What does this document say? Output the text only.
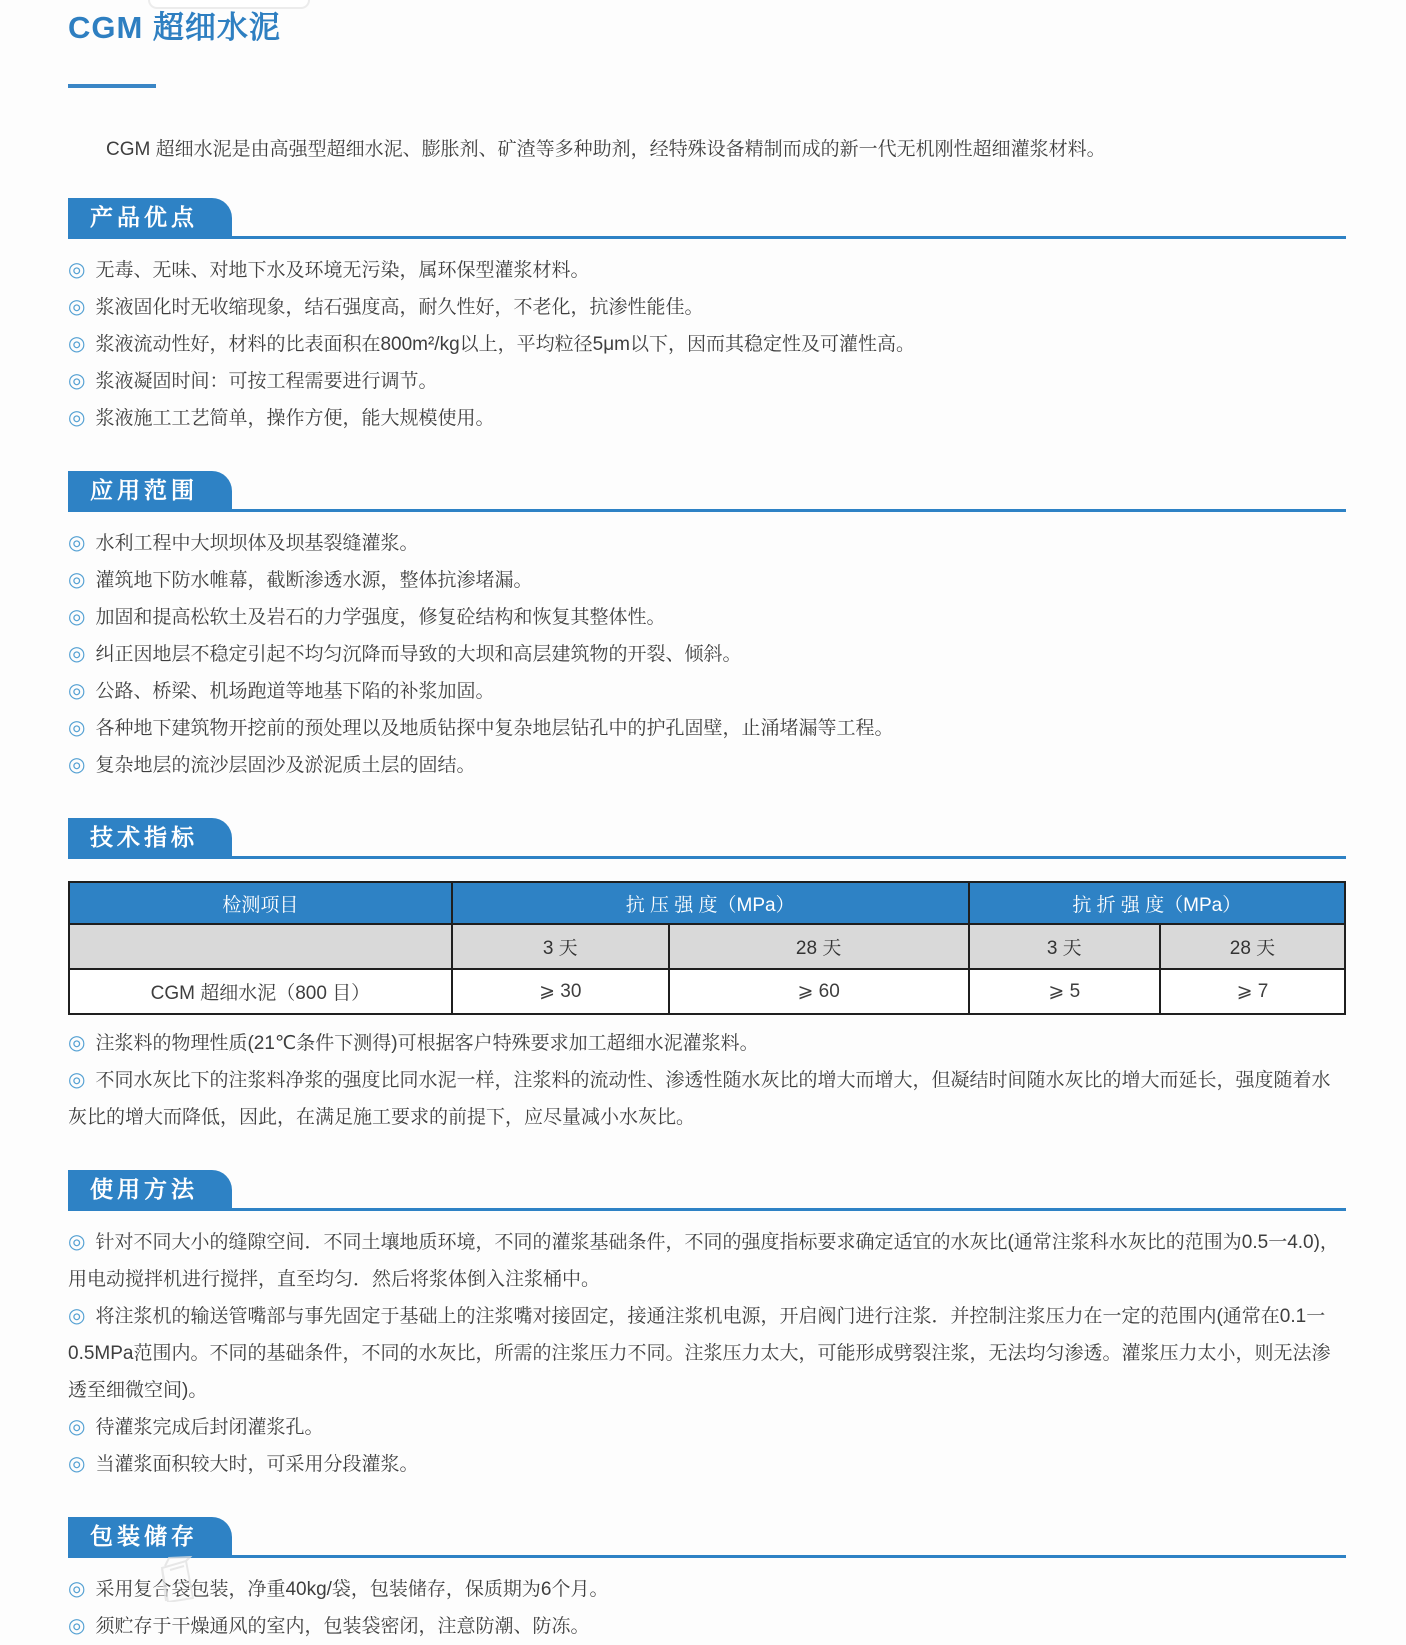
CGM 超细水泥

CGM 超细水泥是由高强型超细水泥、膨胀剂、矿渣等多种助剂，经特殊设备精制而成的新一代无机刚性超细灌浆材料。

产品优点

◎ 无毒、无味、对地下水及环境无污染，属环保型灌浆材料。

◎ 浆液固化时无收缩现象，结石强度高，耐久性好，不老化，抗渗性能佳。

◎ 浆液流动性好，材料的比表面积在800m²/kg以上，平均粒径5μm以下，因而其稳定性及可灌性高。

◎ 浆液凝固时间：可按工程需要进行调节。

◎ 浆液施工工艺简单，操作方便，能大规模使用。

应用范围

◎ 水利工程中大坝坝体及坝基裂缝灌浆。

◎ 灌筑地下防水帷幕，截断渗透水源，整体抗渗堵漏。

◎ 加固和提高松软土及岩石的力学强度，修复砼结构和恢复其整体性。

◎ 纠正因地层不稳定引起不均匀沉降而导致的大坝和高层建筑物的开裂、倾斜。

◎ 公路、桥梁、机场跑道等地基下陷的补浆加固。

◎ 各种地下建筑物开挖前的预处理以及地质钻探中复杂地层钻孔中的护孔固壁，止涌堵漏等工程。

◎ 复杂地层的流沙层固沙及淤泥质土层的固结。

技术指标
检测项目	抗 压 强 度（MPa）		抗 折 强 度（MPa）	
	3 天	28 天	3 天	28 天
CGM 超细水泥（800 目）	⩾ 30	⩾ 60	⩾ 5	⩾ 7

◎ 注浆料的物理性质(21℃条件下测得)可根据客户特殊要求加工超细水泥灌浆料。

◎ 不同水灰比下的注浆料净浆的强度比同水泥一样，注浆料的流动性、渗透性随水灰比的增大而增大，但凝结时间随水灰比的增大而延长，强度随着水灰比的增大而降低，因此，在满足施工要求的前提下，应尽量减小水灰比。

使用方法

◎ 针对不同大小的缝隙空间．不同土壤地质环境，不同的灌浆基础条件，不同的强度指标要求确定适宜的水灰比(通常注浆科水灰比的范围为0.5一4.0)，用电动搅拌机进行搅拌，直至均匀．然后将浆体倒入注浆桶中。

◎ 将注浆机的输送管嘴部与事先固定于基础上的注浆嘴对接固定，接通注浆机电源，开启阀门进行注浆．并控制注浆压力在一定的范围内(通常在0.1一0.5MPa范围内。不同的基础条件，不同的水灰比，所需的注浆压力不同。注浆压力太大，可能形成劈裂注浆，无法均匀渗透。灌浆压力太小，则无法渗透至细微空间)。

◎ 待灌浆完成后封闭灌浆孔。

◎ 当灌浆面积较大时，可采用分段灌浆。

包装储存

◎ 采用复合袋包装，净重40kg/袋，包装储存，保质期为6个月。

◎ 须贮存于干燥通风的室内，包装袋密闭，注意防潮、防冻。
